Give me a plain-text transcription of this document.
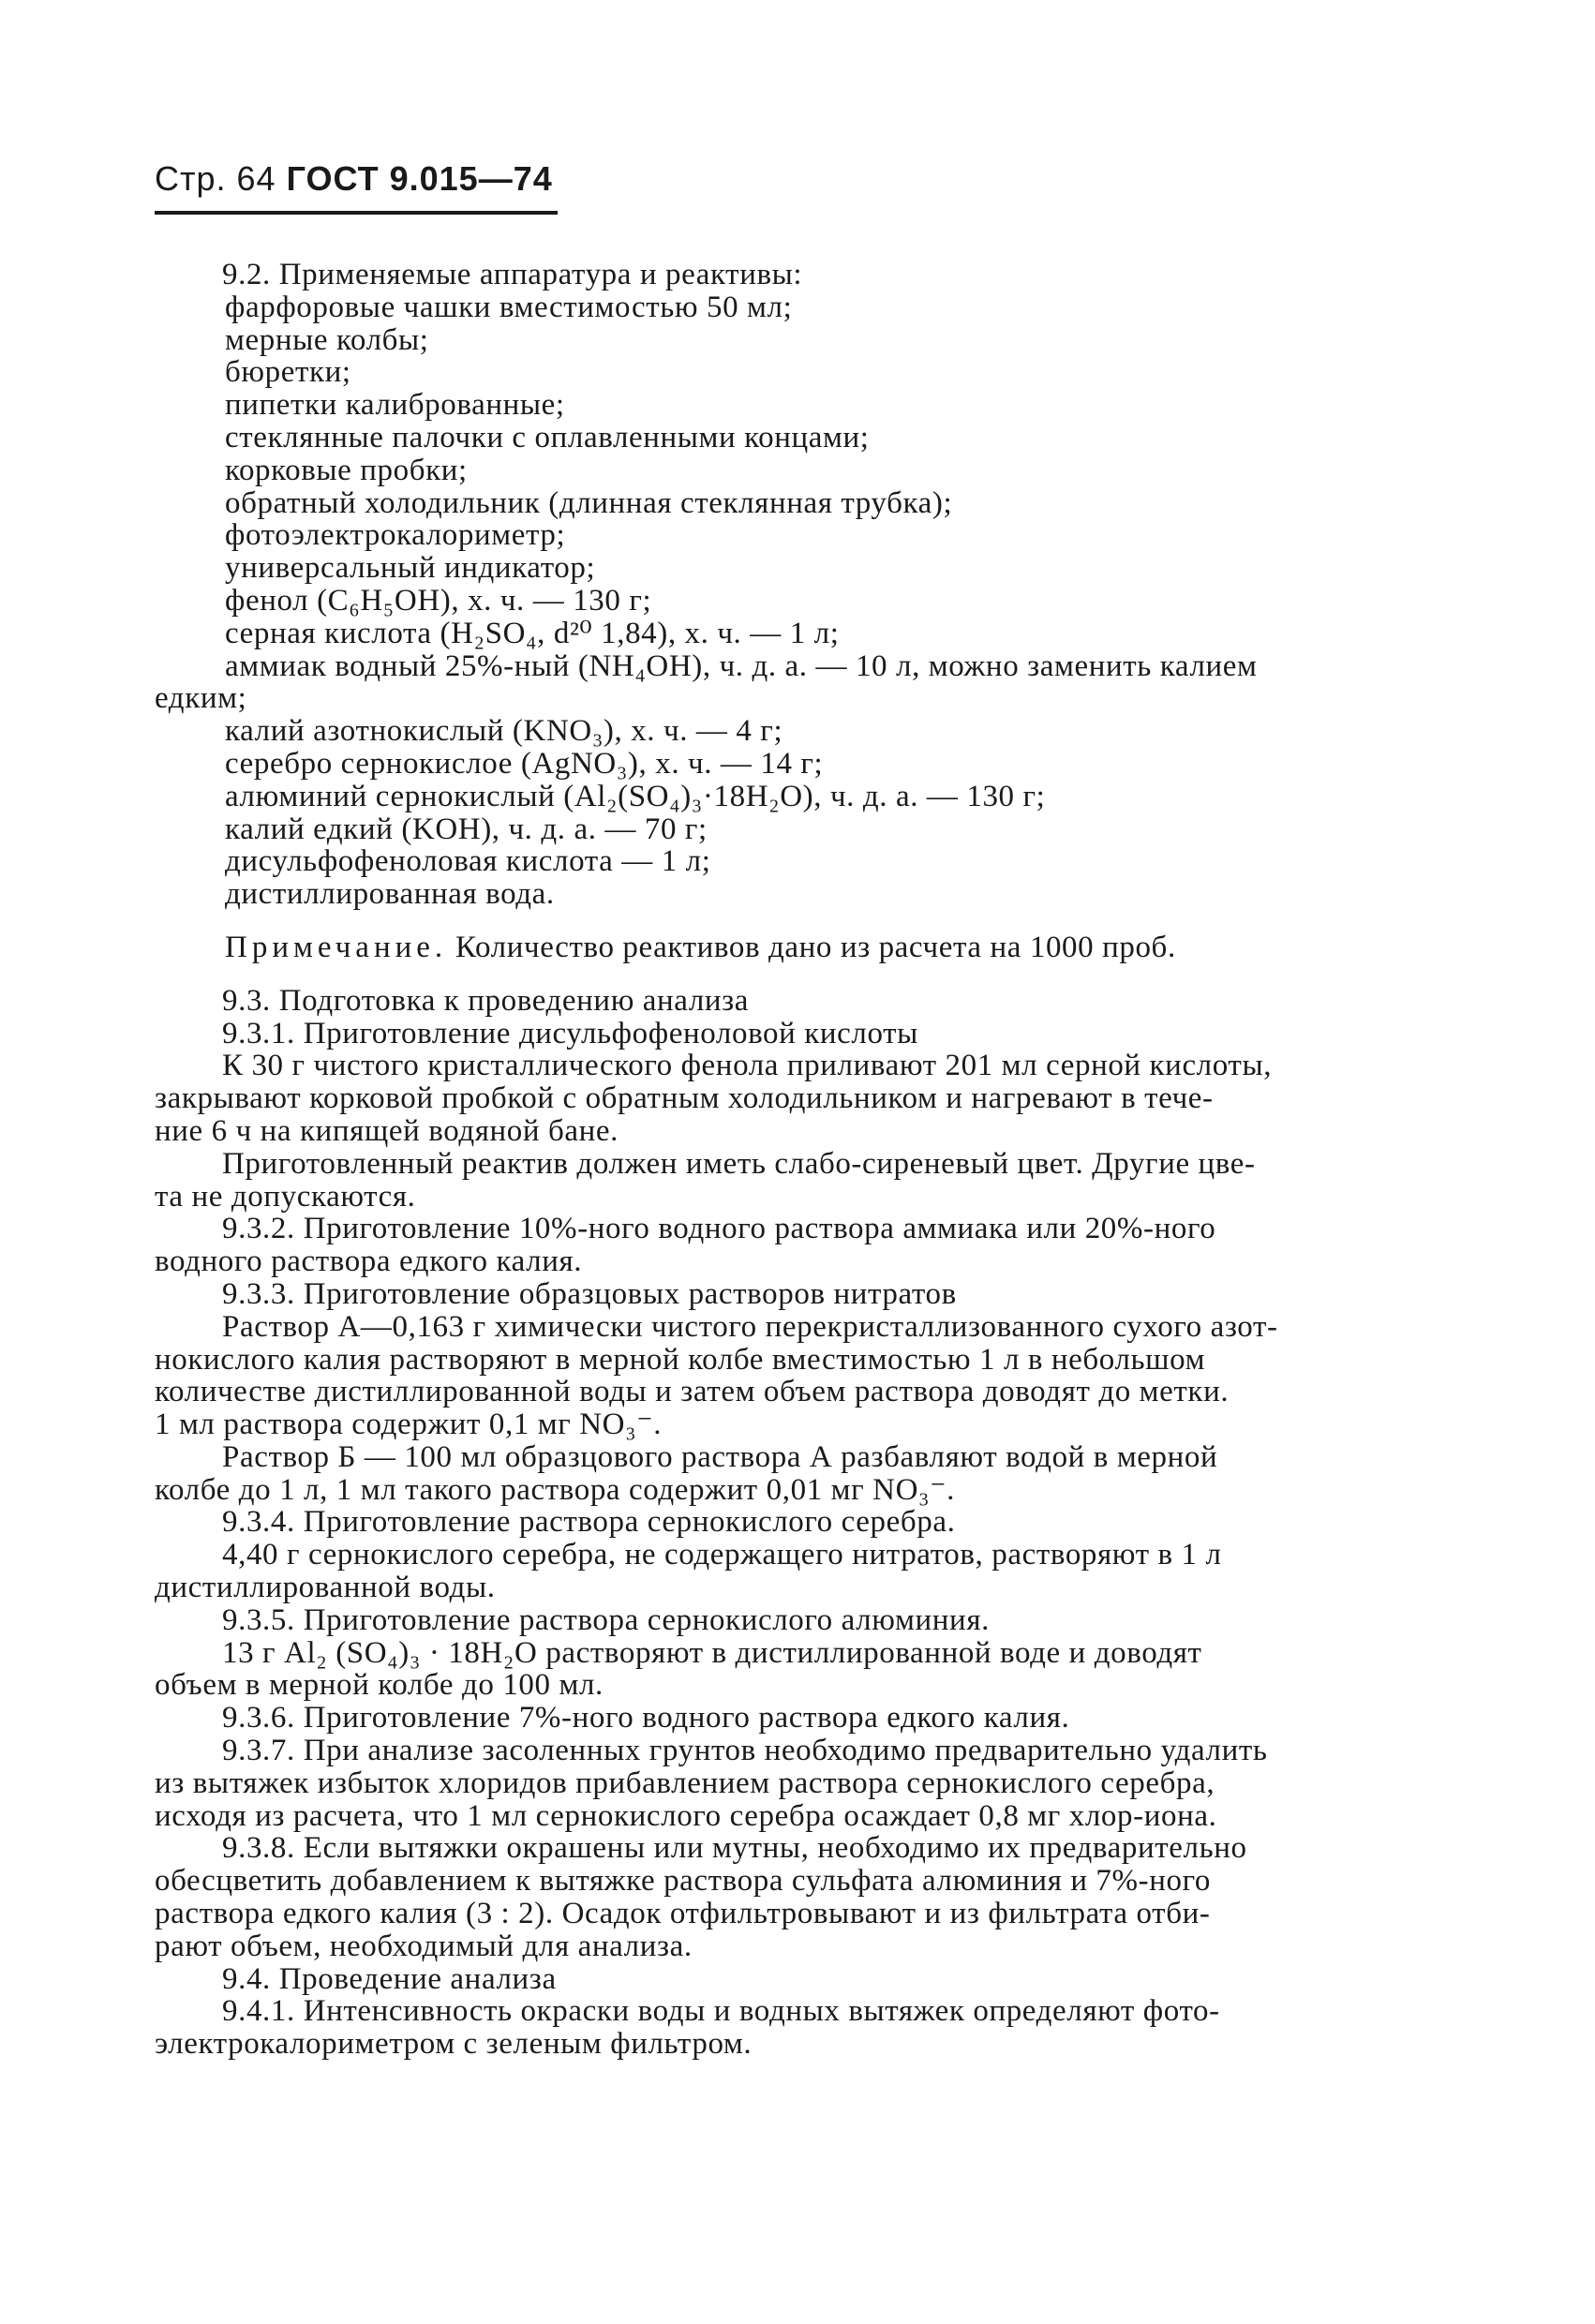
Стр. 64 ГОСТ 9.015—74
9.2. Применяемые аппаратура и реактивы:
фарфоровые чашки вместимостью 50 мл;
мерные колбы;
бюретки;
пипетки калиброванные;
стеклянные палочки с оплавленными концами;
корковые пробки;
обратный холодильник (длинная стеклянная трубка);
фотоэлектрокалориметр;
универсальный индикатор;
фенол (C₆H₅OH), х. ч. — 130 г;
серная кислота (H₂SO₄, d²⁰ 1,84), х. ч. — 1 л;
аммиак водный 25%-ный (NH₄OH), ч. д. а. — 10 л, можно заменить калием
едким;
калий азотнокислый (KNO₃), х. ч. — 4 г;
серебро сернокислое (AgNO₃), х. ч. — 14 г;
алюминий сернокислый (Al₂(SO₄)₃·18H₂O), ч. д. а. — 130 г;
калий едкий (KOH), ч. д. а. — 70 г;
дисульфофеноловая кислота — 1 л;
дистиллированная вода.
Примечание. Количество реактивов дано из расчета на 1000 проб.
9.3. Подготовка к проведению анализа
9.3.1. Приготовление дисульфофеноловой кислоты
К 30 г чистого кристаллического фенола приливают 201 мл серной кислоты,
закрывают корковой пробкой с обратным холодильником и нагревают в тече-
ние 6 ч на кипящей водяной бане.
Приготовленный реактив должен иметь слабо-сиреневый цвет. Другие цве-
та не допускаются.
9.3.2. Приготовление 10%-ного водного раствора аммиака или 20%-ного
водного раствора едкого калия.
9.3.3. Приготовление образцовых растворов нитратов
Раствор А—0,163 г химически чистого перекристаллизованного сухого азот-
нокислого калия растворяют в мерной колбе вместимостью 1 л в небольшом
количестве дистиллированной воды и затем объем раствора доводят до метки.
1 мл раствора содержит 0,1 мг NO₃⁻.
Раствор Б — 100 мл образцового раствора А разбавляют водой в мерной
колбе до 1 л, 1 мл такого раствора содержит 0,01 мг NO₃⁻.
9.3.4. Приготовление раствора сернокислого серебра.
4,40 г сернокислого серебра, не содержащего нитратов, растворяют в 1 л
дистиллированной воды.
9.3.5. Приготовление раствора сернокислого алюминия.
13 г Al₂ (SO₄)₃ · 18H₂O растворяют в дистиллированной воде и доводят
объем в мерной колбе до 100 мл.
9.3.6. Приготовление 7%-ного водного раствора едкого калия.
9.3.7. При анализе засоленных грунтов необходимо предварительно удалить
из вытяжек избыток хлоридов прибавлением раствора сернокислого серебра,
исходя из расчета, что 1 мл сернокислого серебра осаждает 0,8 мг хлор-иона.
9.3.8. Если вытяжки окрашены или мутны, необходимо их предварительно
обесцветить добавлением к вытяжке раствора сульфата алюминия и 7%-ного
раствора едкого калия (3 : 2). Осадок отфильтровывают и из фильтрата отби-
рают объем, необходимый для анализа.
9.4. Проведение анализа
9.4.1. Интенсивность окраски воды и водных вытяжек определяют фото-
электрокалориметром с зеленым фильтром.
